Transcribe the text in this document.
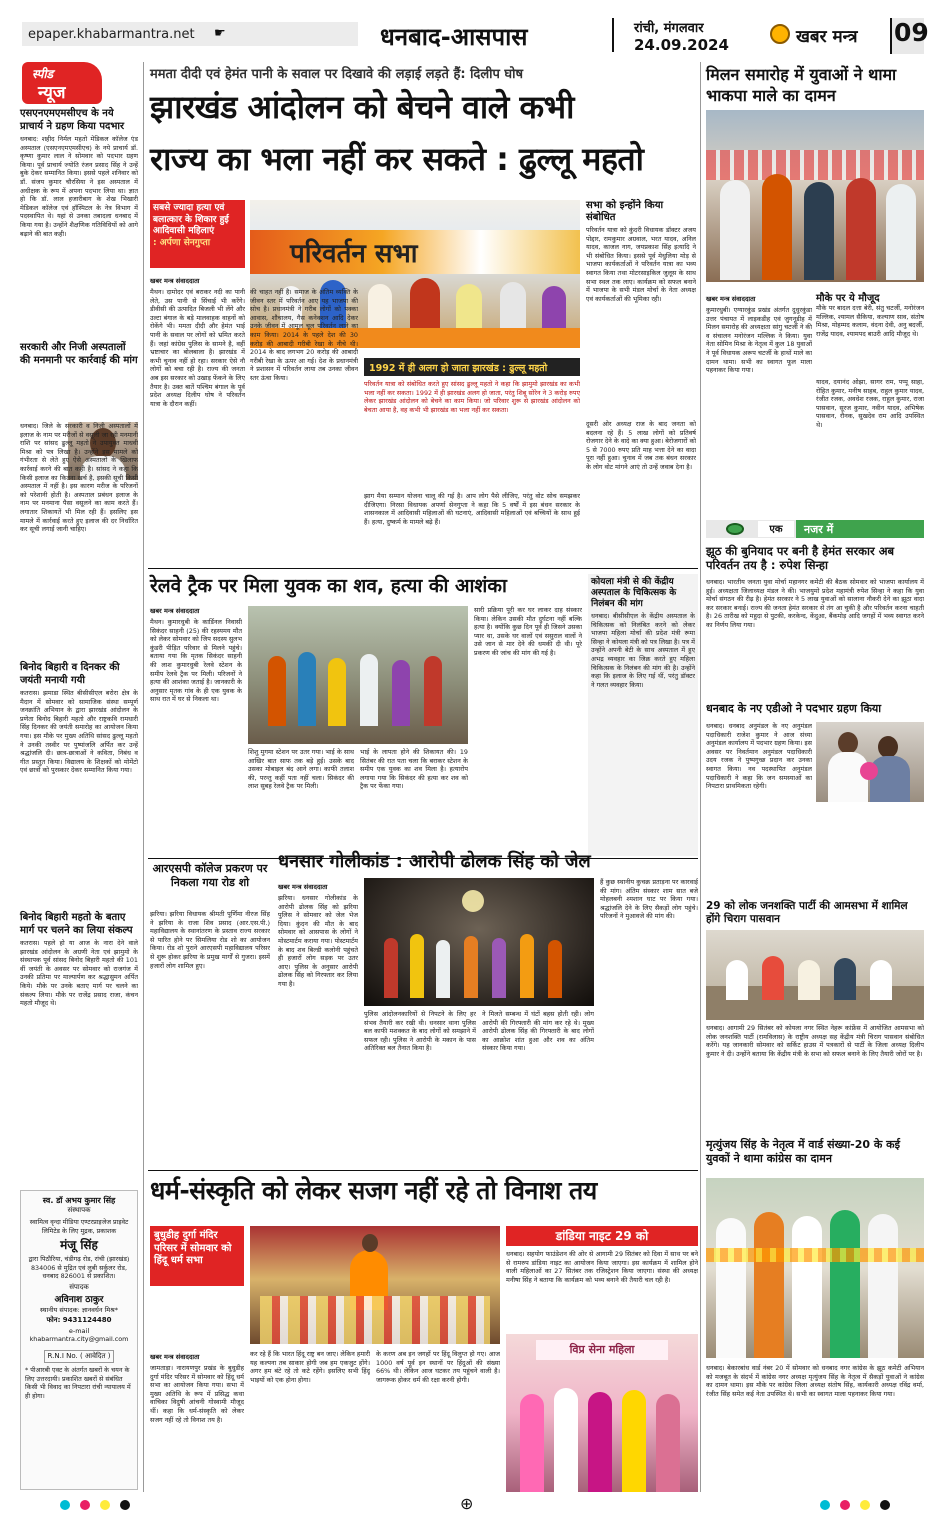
epaper.khabarmantra.net ☛	धनबाद-आसपास	रांची, मंगलवार
24.09.2024	खबर मन्त्र 09
स्पीड
न्यूज
एसएनएमएमसीएच के नये प्राचार्य ने ग्रहण किया पदभार
धनबाद: शहीद निर्मल महतो मेडिकल कॉलेज एंड अस्पताल (एसएनएमएमसीएच) के नये प्राचार्य डॉ. कृष्णा कुमार लाल ने सोमवार को पदभार ग्रहण किया। पूर्व प्राचार्य ज्योति रंजन प्रसाद सिंह ने उन्हें बुके देकर सम्मानित किया। इससे पहले शनिवार को डॉ. संजय कुमार चौरसिया ने इस अस्पताल में अधीक्षक के रूप में अपना पदभार लिया था। ज्ञात हो कि डॉ. लाल हजारीबाग के शेख भिखारी मेडिकल कॉलेज एवं हॉस्पिटल के नेत्र विभाग में पदस्थापित थे। यहां से उनका तबादला धनबाद में किया गया है। उन्होंने शैक्षणिक गतिविधियों को आगे बढ़ाने की बात कही।
सरकारी और निजी अस्पतालों की मनमानी पर कार्रवाई की मांग
धनबाद। जिले के सरकारी व निजी अस्पतालों में इलाज के नाम पर मरीजों से वसूली जा रही मनमानी राशि पर सांसद ढुल्लू महतो ने उपायुक्त माधवी मिश्रा को पत्र लिखा है। उन्होंने इस मामले को गंभीरता से लेते हुए ऐसे अस्पतालों के खिलाफ कार्रवाई करने की बात कही है। सांसद ने कहा कि किसी इलाज का कितना खर्च है, इसकी सूची किसी अस्पताल में नहीं है। इस कारण मरीज के परिजनों को परेशानी होती है। अस्पताल प्रबंधन इलाज के नाम पर मनमाना पैसा वसूलने का काम करते हैं। लगातार शिकायतें भी मिल रही हैं। इसलिए इस मामले में कार्रवाई करते हुए इलाज की दर निर्धारित कर सूची लगाई जानी चाहिए।
बिनोद बिहारी व दिनकर की जयंती मनायी गयी
कतरास। झमाडा स्थित बीसीसीएल बरोरा क्षेत्र के मैदान में सोमवार को सामाजिक संस्था सम्पूर्ण जनक्रांति अभियान के द्वारा झारखंड आंदोलन के प्रणेता बिनोद बिहारी महतो और राष्ट्रकवि रामधारी सिंह दिनकर की जयंती समारोह का आयोजन किया गया। इस मौके पर मुख्य अतिथि सांसद ढुल्लू महतो ने उनकी तस्वीर पर पुष्पांजलि अर्पित कर उन्हें श्रद्धांजलि दी। छात्र-छात्राओं ने कविता, निबंध व गीत प्रस्तुत किया। विद्यालय के शिक्षकों को मोमेंटो एवं छात्रों को पुरस्कार देकर सम्मानित किया गया।
बिनोद बिहारी महतो के बताए मार्ग पर चलने का लिया संकल्प
कतरास। पहले हो या आज के नारा देने वाले झारखंड आंदोलन के अग्रणी नेता एवं झामुमो के संस्थापक पूर्व सांसद बिनोद बिहारी महतो की 101 वीं जयंती के अवसर पर सोमवार को राजगंज में उनकी प्रतिमा पर माल्यार्पण कर श्रद्धासुमन अर्पित किये। मौके पर उनके बताए मार्ग पर चलने का संकल्प लिया। मौके पर राजेंद्र प्रसाद राजा, कंचन महतो मौजूद थे।
स्व. डॉ अभय कुमार सिंह
संस्थापक
स्वामित्व वृन्दा मीडिया एण्टरप्राइजेज प्राइवेट लिमिटेड के लिए मुद्रक, प्रकाशक
मंजू सिंह
द्वारा पिठौरिया, चंडीगढ़ रोड, रांची (झारखंड) 834006 से मुद्रित एवं लुबी सर्कुलर रोड, धनबाद 826001 से प्रकाशित।
संपादक
अविनाश ठाकुर
स्थानीय संपादक: ज्ञानवर्धन मिश्र*
फोन: 9431124480
e-mail
khabarmantra.city@gmail.com
R.N.I No. ( आवेदित )
* पीआरबी एक्ट के अंतर्गत खबरों के चयन के लिए उत्तरदायी। प्रकाशित खबरों से संबंधित किसी भी विवाद का निपटारा रांची न्यायालय में ही होगा।
ममता दीदी एवं हेमंत पानी के सवाल पर दिखावे की लड़ाई लड़ते हैं: दिलीप घोष
झारखंड आंदोलन को बेचने वाले कभी
राज्य का भला नहीं कर सकते : ढुल्लू महतो
सबसे ज्यादा हत्या एवं बलात्कार के शिकार हुई आदिवासी महिलाएं
: अर्पणा सेनगुप्ता
खबर मन्त्र संवाददाता
मैथन। दामोदर एवं बराकर नदी का पानी लेते, उस पानी से सिंचाई भी करेंगे। डीवीसी की उत्पादित बिजली भी लेंगे और उल्टा बंगाल के बड़े मालवाहक वाहनों को रोकेंगे भी। ममता दीदी और हेमंत भाई पानी के सवाल पर लोगों को भ्रमित करते हैं। जहां कांग्रेस पुलिस के सामने है, वहीं भ्रष्टाचार का बोलबाला है। झारखंड में कभी चुनाव नहीं हो रहा। सरकार ऐसे नौ लोगों को बचा रही है। राज्य की जनता अब इस सरकार को उखाड़ फेंकने के लिए तैयार है। उक्त बातें पश्चिम बंगाल के पूर्व प्रदेश अध्यक्ष दिलीप घोष ने परिवर्तन यात्रा के दौरान कहीं।
परिवर्तन सभा
1992 में ही अलग हो जाता झारखंड : ढुल्लू महतो
की चाहत नहीं है। समाज के अंतिम व्यक्ति के जीवन स्तर में परिवर्तन आए यह भाजपा की सोच है। प्रधानमंत्री ने गरीब लोगों को पक्का आवास, शौचालय, गैस कनेक्शन आदि देकर उनके जीवन में आमूल चूल परिवर्तन लाने का काम किया। 2014 के पहले देश की 30 करोड़ की आबादी गरीबी रेखा के नीचे थी। 2014 के बाद लगभग 20 करोड़ की आबादी गरीबी रेखा के ऊपर आ गई। देश के प्रधानमंत्री ने प्रशासन में परिवर्तन लाया तब उनका जीवन स्तर ऊंचा किया।
परिवर्तन यात्रा को संबोधित करते हुए सांसद ढुल्लू महतो ने कहा कि झामुमो झारखंड का कभी भला नहीं कर सकता। 1992 में ही झारखंड अलग हो जाता, परंतु शिबू सोरेन ने 3 करोड़ रुपए लेकर झारखंड आंदोलन को बेचने का काम किया। जो परिवार शुरू से झारखंड आंदोलन को बेचता आया है, वह कभी भी झारखंड का भला नहीं कर सकता।
झाग मैया सम्मान योजना चालू की गई है। आप लोग पैसे लीजिए, परंतु वोट सोच समझकर दीजिएगा। निरसा विधायक अपर्णा सेनगुप्ता ने कहा कि 5 वर्षों में इस बंधन सरकार के शासनकाल में आदिवासी महिलाओं की घटनाएं, आदिवासी महिलाओं एवं बच्चियों के साथ हुई हैं। हत्या, दुष्कर्म के मामले बढ़े हैं।
सभा को इन्होंने किया संबोधित
परिवर्तन यात्रा को कुंदरी विधायक डॉक्टर अजय पोद्दार, रामकुमार अग्रवाल, भरत यादव, अनिल यादव, काजल नाग, जयप्रकाश सिंह इत्यादि ने भी संबोधित किया। इससे पूर्व मेधुलिया मोड़ से भाजपा कार्यकर्ताओं ने परिवर्तन यात्रा का भव्य स्वागत किया तथा मोटरसाइकिल जुलूस के साथ सभा स्थल तक लाए। कार्यक्रम को सफल बनाने में भाजपा के सभी मंडल मोर्चा के नेता अध्यक्ष एवं कार्यकर्ताओं की भूमिका रही।
दूसरी ओर अध्यक्ष राज के बाद जनता को बदलना रहे हैं। 5 लाख लोगों को प्रतिवर्ष रोजगार देने के वादे का क्या हुआ। बेरोजगारों को 5 से 7000 रुपए प्रति माह भत्ता देने का वादा पूरा नहीं हुआ। चुनाव में जब तक बंधन सरकार के लोग वोट मांगने आएं तो उन्हें जवाब देना है।
मिलन समारोह में युवाओं ने थामा भाकपा माले का दामन
खबर मन्त्र संवाददाता
कुमारधुबी। एग्यारकुंड प्रखंड अंतर्गत दुधुरकुंडा उत्तर पंचायत में लाइकडीह एवं जुगनूडीह में मिलन समारोह की अध्यक्षता सांगु चटर्जी ने की व संचालन मनोरंजन मल्लिक ने किया। युवा नेता सोमिन मिश्रा के नेतृत्व में कुल 18 युवाओं ने पूर्व विधायक अरूप चटर्जी के हाथों माले का दामन थामा। सभी का स्वागत फूल माला पहनाकर किया गया।
मौके पर ये मौजूद
मौके पर बादल दत्ता बेरी, संतु चटर्जी, मनोरंजन मल्लिक, श्यामल सैकिया, कल्याण साव, संतोष मिश्रा, मोहम्मद कलाम, वंदना देवी, अनु बदर्जी, राजेंद्र यादव, श्यामपद बाउरी आदि मौजूद थे।
यादव, दयानंद ओझा, सागर राम, पप्पू साहा, रोहित कुमार, मनीष साहब, राहुल कुमार यादव, रंजीत रजक, अवधेश रजक, राहुल कुमार, राजा पासवान, सूरज कुमार, नवीन यादव, अभिषेक पासवान, रौनक, सुखदेव राम आदि उपस्थित थे।
एक	नजर में
झूठ की बुनियाद पर बनी है हेमंत सरकार अब परिवर्तन तय है : रुपेश सिन्हा
धनबाद। भारतीय जनता युवा मोर्चा महानगर कमेटी की बैठक सोमवार को भाजपा कार्यालय में हुई। अध्यक्षता जिलाध्यक्ष मंडल ने की। भाजयुमो प्रदेश महामंत्री रुपेश सिन्हा ने कहा कि युवा मोर्चा संगठन की रीढ़ है। हेमंत सरकार ने 5 लाख युवाओं को सालाना नौकरी देने का झूठा वादा कर सरकार बनाई। राज्य की जनता हेमंत सरकार से तंग आ चुकी है और परिवर्तन करना चाहती है। 26 तारीख को महुदा से पुटकी, करकेन्द, केंदुआ, बैंकमोड़ आदि जगहों में भव्य स्वागत करने का निर्णय लिया गया।
धनबाद के नए एडीओ ने पदभार ग्रहण किया
धनबाद। धनबाद अनुमंडल के नए अनुमंडल पदाधिकारी राजेश कुमार ने आज संध्या अनुमंडल कार्यालय में पदभार ग्रहण किया। इस अवसर पर निवर्तमान अनुमंडल पदाधिकारी उदय रजक ने पुष्पगुच्छ प्रदान कर उनका स्वागत किया। नव पदस्थापित अनुमंडल पदाधिकारी ने कहा कि जन समस्याओं का निपटारा प्राथमिकता रहेगी।
29 को लोक जनशक्ति पार्टी की आमसभा में शामिल होंगे चिराग पासवान
धनबाद। आगामी 29 सितंबर को कोयला नगर स्थित नेहरू कांफ्रेंस में आयोजित आमसभा को लोक जनशक्ति पार्टी (रामविलास) के राष्ट्रीय अध्यक्ष सह केंद्रीय मंत्री चिराग पासवान संबोधित करेंगे। यह जानकारी सोमवार को सर्किट हाउस में पत्रकारों से पार्टी के जिला अध्यक्ष दिलीप कुमार ने दी। उन्होंने बताया कि केंद्रीय मंत्री के सभा को सफल बनाने के लिए तैयारी जोरों पर है।
मृत्युंजय सिंह के नेतृत्व में वार्ड संख्या-20 के कई युवकों ने थामा कांग्रेस का दामन
धनबाद। बेकारबांध वार्ड नंबर 20 में सोमवार को धनबाद नगर कांग्रेस के झूठ कमेटी अभियान को मजबूत के संदर्भ में कांग्रेस नगर अध्यक्ष मृत्युंजय सिंह के नेतृत्व में सैकड़ों युवाओं ने कांग्रेस का दामन थामा। इस मौके पर कांग्रेस जिला अध्यक्ष संतोष सिंह, कार्यकारी अध्यक्ष रविंद्र वर्मा, रंजीत सिंह समेत कई नेता उपस्थित थे। सभी का स्वागत माला पहनाकर किया गया।
रेलवे ट्रैक पर मिला युवक का शव, हत्या की आशंका
खबर मन्त्र संवाददाता
मैथन। कुमारधुबी के कार्डिनल निवासी सिकंदर साहनी (25) की रहस्यमय मौत को लेकर सोमवार को जिप सदस्य सुलभ कुंडरी पीड़ित परिवार से मिलने पहुंचे। बताया गया कि मृतक सिकंदर साहनी की लाश कुमारधुबी रेलवे स्टेशन के समीप रेलवे ट्रैक पर मिली। परिजनों ने हत्या की आशंका जताई है। जानकारी के अनुसार मृतक गांव के ही एक युवक के साथ रात में घर से निकला था।
शिशु मुगमा स्टेशन पर उतर गया। भाई के साथ आखिर बात साफ तक बड़े हुई। उसके बाद उसका मोबाइल बंद आने लगा। काफी तलाश की, परन्तु कहीं पता नहीं चला। सिकंदर की लाश सुबह रेलवे ट्रैक पर मिली।
भाई के लापता होने की शिकायत की। 19 सितंबर की रात पता चला कि बराकर स्टेशन के समीप एक युवक का शव मिला है। हत्यारोप लगाया गया कि सिकंदर की हत्या कर शव को ट्रैक पर फेंका गया।
सारी प्रक्रिया पूरी कर घर लाकर दाह संस्कार किया। लेकिन उसकी मौत दुर्घटना नहीं बल्कि हत्या है। क्योंकि कुछ दिन पूर्व ही जिसने उसका प्यार था, उसके घर वालों एवं ससुराल वालों ने उसे जान से मार देने की धमकी दी थी। पूरे प्रकरण की जांच की मांग की गई है।
कोयला मंत्री से की केंद्रीय अस्पताल के चिकित्सक के निलंबन की मांग
धनबाद। बीसीसीएल के केंद्रीय अस्पताल के चिकित्सक को निलंबित करने को लेकर भाजपा महिला मोर्चा की प्रदेश मंत्री रूमा सिन्हा ने कोयला मंत्री को पत्र लिखा है। पत्र में उन्होंने अपनी बेटी के साथ अस्पताल में हुए अभद्र व्यवहार का जिक्र करते हुए महिला चिकित्सक के निलंबन की मांग की है। उन्होंने कहा कि इलाज के लिए गई थीं, परंतु डॉक्टर ने गलत व्यवहार किया।
आरएसपी कॉलेज प्रकरण पर निकला गया रोड शो
झरिया। झरिया विधायक श्रीमती पूर्णिमा नीरज सिंह ने झरिया के राजा शिव प्रसाद (आर.एस.पी.) महाविद्यालय के स्थानांतरण के प्रस्ताव राज्य सरकार से पारित होने पर सिमलिया रोड शो का आयोजन किया। रोड शो पुराने आरएसपी महाविद्यालय परिसर से शुरू होकर झरिया के प्रमुख मार्गों से गुजरा। इसमें हजारों लोग शामिल हुए।
धनसार गोलीकांड : आरोपी ढोलक सिंह को जेल
खबर मन्त्र संवाददाता
झरिया। धनसार गोलीकांड के आरोपी ढोलक सिंह को झरिया पुलिस ने सोमवार को जेल भेज दिया। कुंदन की मौत के बाद सोमवार को आसपास के लोगों ने मोस्टमार्टम कराया गया। पोस्टमार्टम के बाद शव बिल्डी कलोनी पहुंचते ही हजारों लोग सड़क पर उतर आए। पुलिस के अनुसार आरोपी ढोलक सिंह को गिरफ्तार कर लिया गया है।
पुलिस आंदोलनकारियों से निपटने के लिए हर संभव तैयारी कर रखी थी। धनसार थाना पुलिस बल काफी मशक्कत के बाद लोगों को समझाने में सफल रही। पुलिस ने आरोपी के मकान के पास अतिरिक्त बल तैनात किया है।
ने मिलते सम्बन्ध में घंटों बहस होती रही। लोग आरोपी की गिरफ्तारी की मांग कर रहे थे। मुख्य आरोपी ढोलक सिंह की गिरफ्तारी के बाद लोगों का आक्रोश शांत हुआ और शव का अंतिम संस्कार किया गया।
हैं कुछ स्थानीय कुचक्र प्रताड़ना पर कारवाई की मांग। अंतिम संस्कार शाम सात बजे मोहलबनी श्मशान घाट पर किया गया। श्रद्धांजलि देने के लिए सैकड़ों लोग पहुंचे। परिजनों ने मुआवजे की मांग की।
धर्म-संस्कृति को लेकर सजग नहीं रहे तो विनाश तय
बुधुडीह दुर्गा मंदिर परिसर में सोमवार को हिंदू धर्म सभा
खबर मन्त्र संवाददाता
जामताड़ा। नारायणपुर प्रखंड के बुधुडीह दुर्गा मंदिर परिसर में सोमवार को हिंदू धर्म सभा का आयोजन किया गया। सभा में मुख्य अतिथि के रूप में प्रसिद्ध कथा वाचिका विदुषी आंचनी गोस्वामी मौजूद थीं। कहा कि धर्म-संस्कृति को लेकर सजग नहीं रहे तो विनाश तय है।
कर रहे हैं कि भारत हिंदू राष्ट्र बन जाए। लेकिन हमारी यह कल्पना तब साकार होगी जब हम एकजुट होंगे। अगर हम बंटे रहे तो कटे रहेंगे। इसलिए सभी हिंदू भाइयों को एक होना होगा।
के करण अब इन जगहों पर हिंदू विलुप्त हो गए। आज 1000 वर्ष पूर्व इन स्थानों पर हिंदुओं की संख्या 66% थी। लेकिन आज घटकर तय पहुंचने वाली है। जागरूक होकर धर्म की रक्षा करनी होगी।
डांडिया नाइट 29 को
धनबाद। सहयोग फाउंडेशन की ओर से आगामी 29 सितंबर को दिवा में साथ पर बने से रामरुप डांडिया नाइट का आयोजन किया जाएगा। इस कार्यक्रम में शामिल होने वाली महिलाओं का 27 सितंबर तक रजिस्ट्रेशन किया जाएगा। संस्था की अध्यक्ष मनीषा सिंह ने बताया कि कार्यक्रम को भव्य बनाने की तैयारी चल रही है।
विप्र सेना महिला
⊕
